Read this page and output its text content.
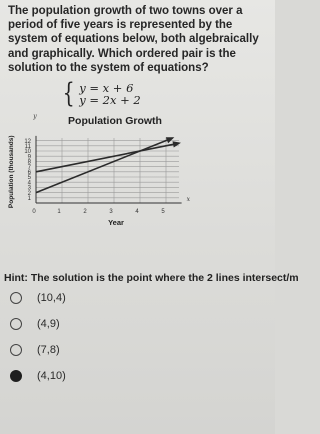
The population growth of two towns over a period of five years is represented by the system of equations below, both algebraically and graphically. Which ordered pair is the solution to the system of equations?
{ y = x + 6
y = 2x + 2
Population Growth
y
x
1
2
3
4
5
6
7
8
9
10
11
12
0	1	2	3	4	5
Year
Population (thousands)
Hint: The solution is the point where the 2 lines intersect/m
(10,4)
(4,9)
(7,8)
(4,10)
